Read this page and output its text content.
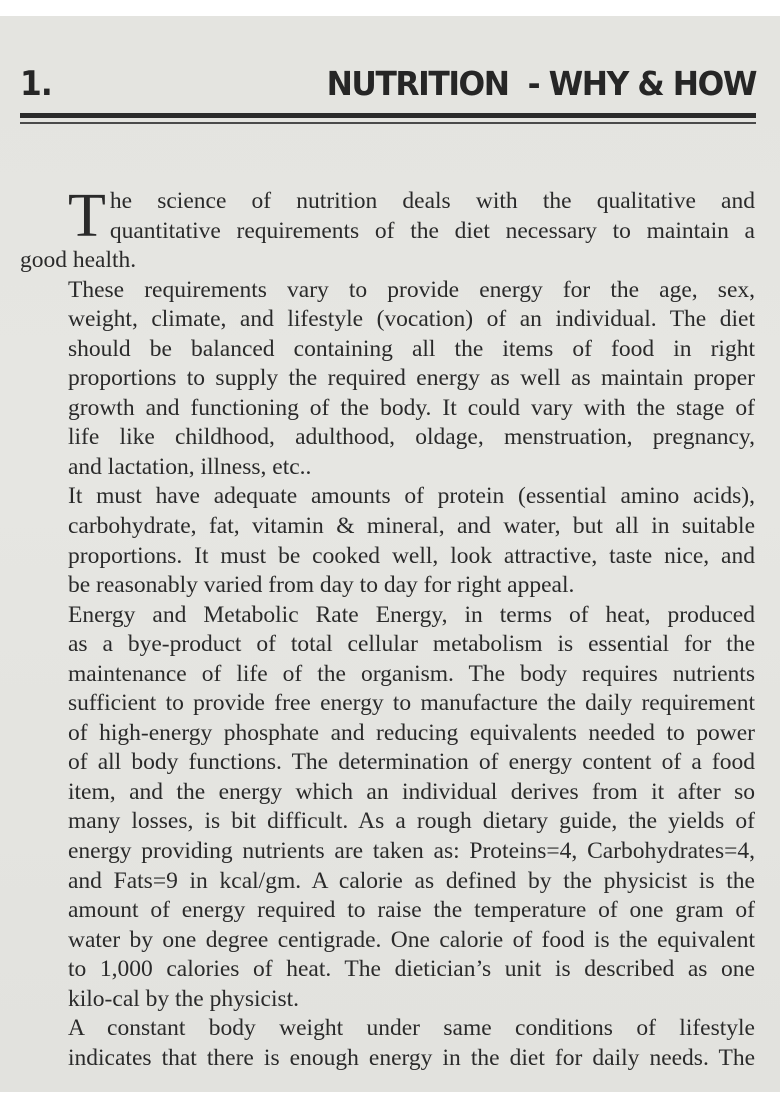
1.	NUTRITION  - WHY & HOW

T he science of nutrition deals with the qualitative and
quantitative requirements of the diet necessary to maintain a
good health.

These requirements vary to provide energy for the age, sex,
weight, climate, and lifestyle (vocation) of an individual. The diet
should be balanced containing all the items of food in right
proportions to supply the required energy as well as maintain proper
growth and functioning of the body. It could vary with the stage of
life like childhood, adulthood, oldage, menstruation, pregnancy,
and lactation, illness, etc..

It must have adequate amounts of protein (essential amino acids),
carbohydrate, fat, vitamin & mineral, and water, but all in suitable
proportions. It must be cooked well, look attractive, taste nice, and
be reasonably varied from day to day for right appeal.

Energy and Metabolic Rate Energy, in terms of heat, produced
as a bye-product of total cellular metabolism is essential for the
maintenance of life of the organism. The body requires nutrients
sufficient to provide free energy to manufacture the daily requirement
of high-energy phosphate and reducing equivalents needed to power
of all body functions. The determination of energy content of a food
item, and the energy which an individual derives from it after so
many losses, is bit difficult. As a rough dietary guide, the yields of
energy providing nutrients are taken as: Proteins=4, Carbohydrates=4,
and Fats=9 in kcal/gm. A calorie as defined by the physicist is the
amount of energy required to raise the temperature of one gram of
water by one degree centigrade. One calorie of food is the equivalent
to 1,000 calories of heat. The dietician’s unit is described as one
kilo-cal by the physicist.

A constant body weight under same conditions of lifestyle
indicates that there is enough energy in the diet for daily needs. The
